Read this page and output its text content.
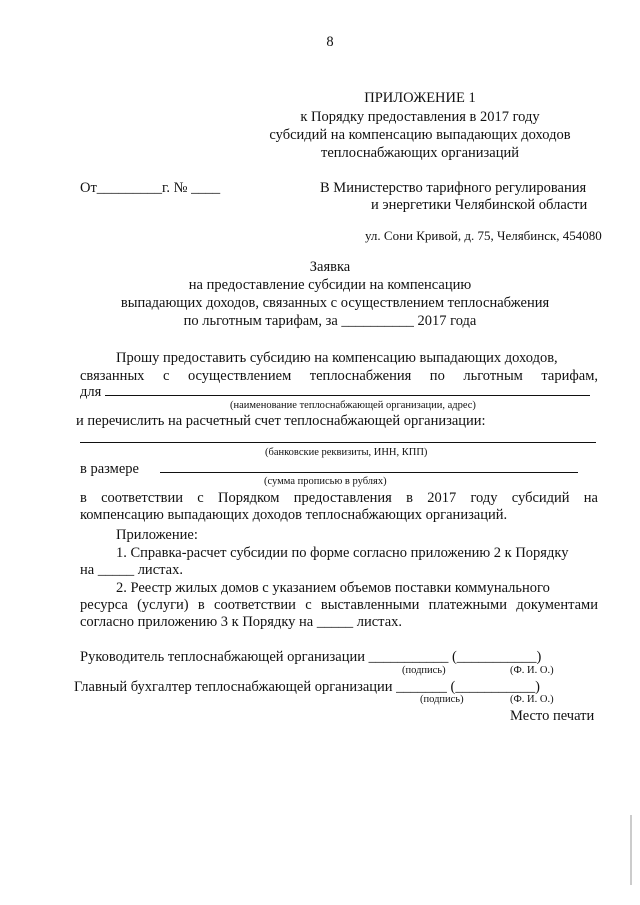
8
ПРИЛОЖЕНИЕ 1
к Порядку предоставления в 2017 году
субсидий на компенсацию выпадающих доходов
теплоснабжающих организаций
От_________г. № ____	В Министерство тарифного регулирования
и энергетики Челябинской области
ул. Сони Кривой, д. 75, Челябинск, 454080
Заявка
на предоставление субсидии на компенсацию
выпадающих доходов, связанных с осуществлением теплоснабжения
по льготным тарифам, за __________ 2017 года
Прошу предоставить субсидию на компенсацию выпадающих доходов,
связанных с осуществлением теплоснабжения по льготным тарифам,
для
(наименование теплоснабжающей организации, адрес)
и перечислить на расчетный счет теплоснабжающей организации:
(банковские реквизиты, ИНН, КПП)
в размере
(сумма прописью в рублях)
в соответствии с Порядком предоставления в 2017 году субсидий на
компенсацию выпадающих доходов теплоснабжающих организаций.
Приложение:
1. Справка-расчет субсидии по форме согласно приложению 2 к Порядку
на _____ листах.
2. Реестр жилых домов с указанием объемов поставки коммунального
ресурса (услуги) в соответствии с выставленными платежными документами
согласно приложению 3 к Порядку на _____ листах.
Руководитель теплоснабжающей организации ___________ (___________)
(подпись)	(Ф. И. О.)
Главный бухгалтер теплоснабжающей организации _______ (___________)
(подпись)	(Ф. И. О.)
Место печати
